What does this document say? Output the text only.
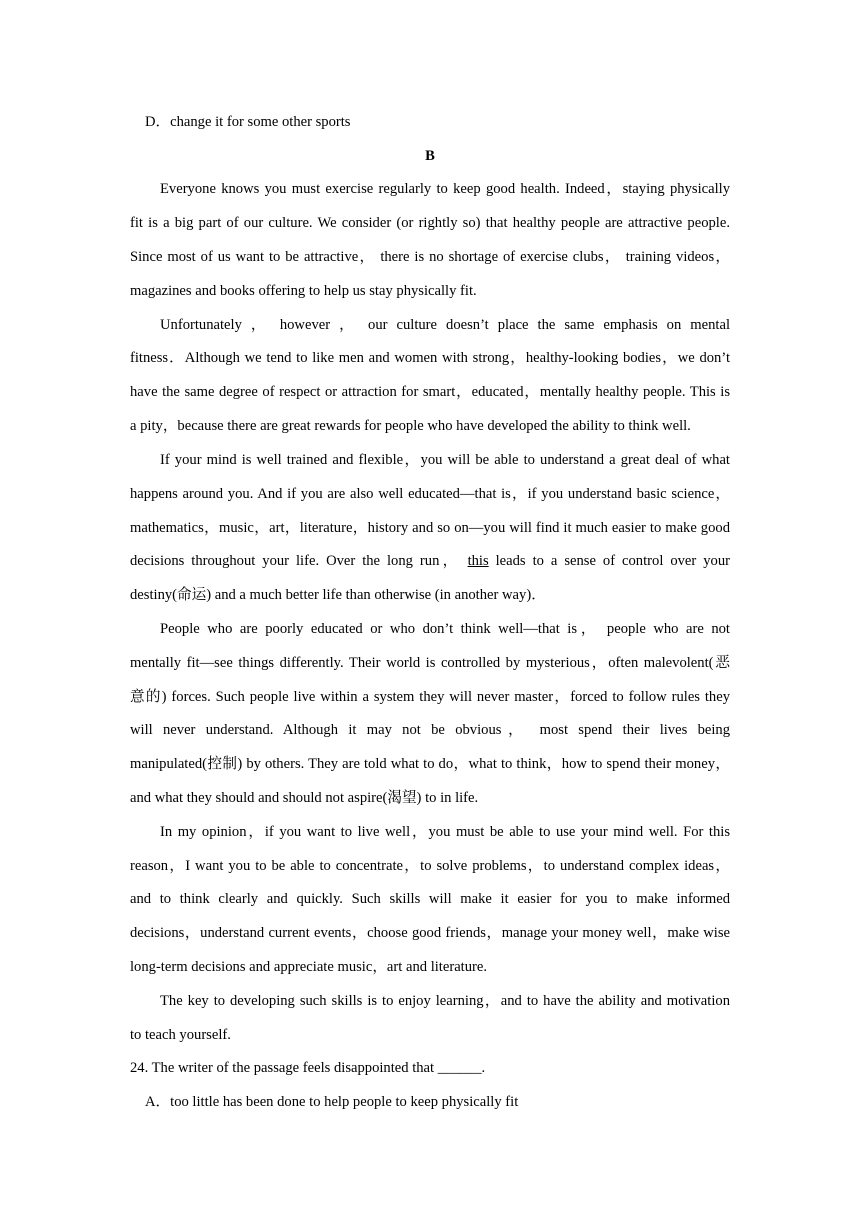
D．change it for some other sports
B
Everyone knows you must exercise regularly to keep good health. Indeed，staying physically
fit is a big part of our culture. We consider (or rightly so) that healthy people are attractive people.
Since most of us want to be attractive， there is no shortage of exercise clubs， training videos，
magazines and books offering to help us stay physically fit.
Unfortunately ， however ， our culture doesn’t place the same emphasis on mental
fitness．Although we tend to like men and women with strong，healthy-looking bodies，we don’t
have the same degree of respect or attraction for smart，educated，mentally healthy people. This is
a pity，because there are great rewards for people who have developed the ability to think well.
If your mind is well trained and flexible，you will be able to understand a great deal of what
happens around you. And if you are also well educated—that is，if you understand basic science，
mathematics，music，art，literature，history and so on—you will find it much easier to make good
decisions throughout your life. Over the long run， this leads to a sense of control over your
destiny(命运) and a much better life than otherwise (in another way)．
People who are poorly educated or who don’t think well—that is， people who are not
mentally fit—see things differently. Their world is controlled by mysterious，often malevolent(恶
意的) forces. Such people live within a system they will never master，forced to follow rules they
will never understand. Although it may not be obvious， most spend their lives being
manipulated(控制) by others. They are told what to do，what to think，how to spend their money，
and what they should and should not aspire(渴望) to in life.
In my opinion，if you want to live well，you must be able to use your mind well. For this
reason，I want you to be able to concentrate，to solve problems，to understand complex ideas，
and to think clearly and quickly. Such skills will make it easier for you to make informed
decisions，understand current events，choose good friends，manage your money well，make wise
long-term decisions and appreciate music，art and literature.
The key to developing such skills is to enjoy learning，and to have the ability and motivation
to teach yourself.
24. The writer of the passage feels disappointed that ______.
A．too little has been done to help people to keep physically fit
